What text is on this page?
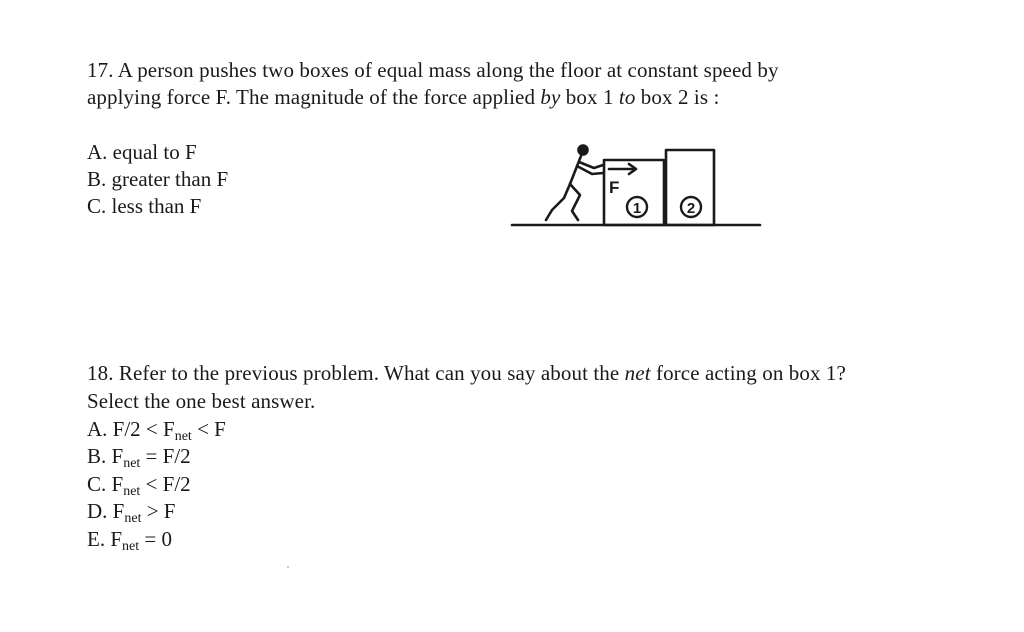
17. A person pushes two boxes of equal mass along the floor at constant speed by
applying force F. The magnitude of the force applied by box 1 to box 2 is :
A. equal to F
B. greater than F
C. less than F
F
1	2
18. Refer to the previous problem. What can you say about the net force acting on box 1?
Select the one best answer.
A. $F/2 < F_{net} < F$
B. $F_{net} = F/2$
C. $F_{net} < F/2$
D. $F_{net} > F$
E. $F_{net} = 0$
